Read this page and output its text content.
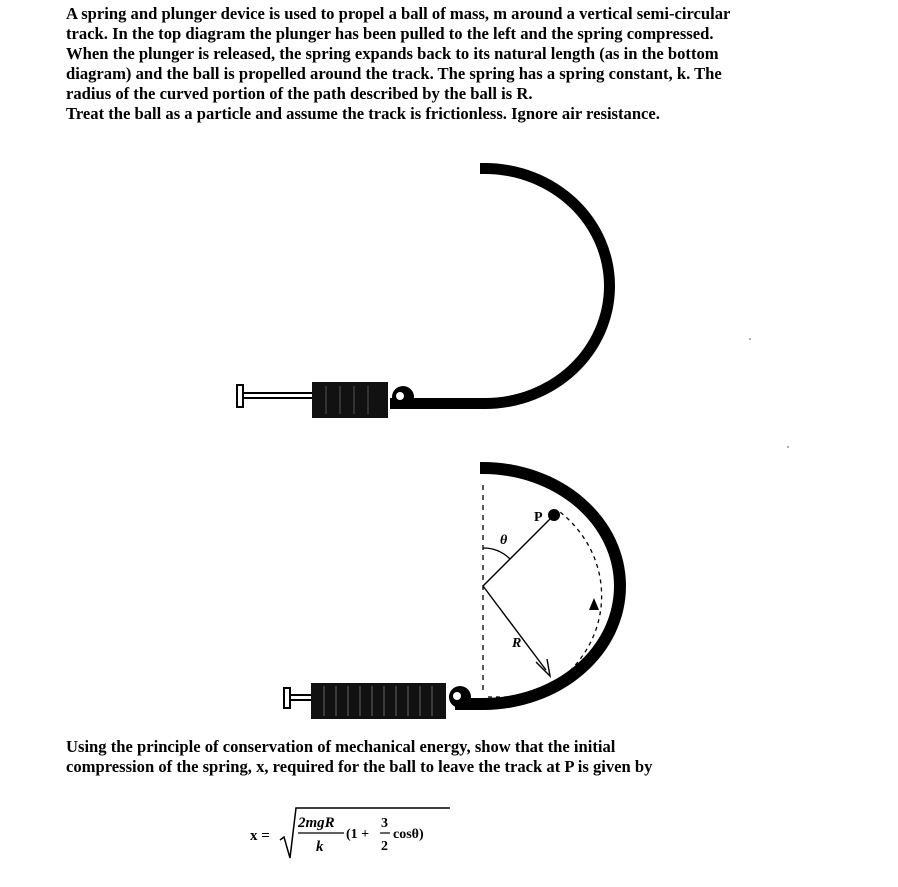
A spring and plunger device is used to propel a ball of mass, m around a vertical semi-circular
track. In the top diagram the plunger has been pulled to the left and the spring compressed.
When the plunger is released, the spring expands back to its natural length (as in the bottom
diagram) and the ball is propelled around the track. The spring has a spring constant, k. The
radius of the curved portion of the path described by the ball is R.
Treat the ball as a particle and assume the track is frictionless. Ignore air resistance.
θ
R
P
Using the principle of conservation of mechanical energy, show that the initial
compression of the spring, x, required for the ball to leave the track at P is given by
x =
2mgR
k
(1 +
3
2
cosθ)
